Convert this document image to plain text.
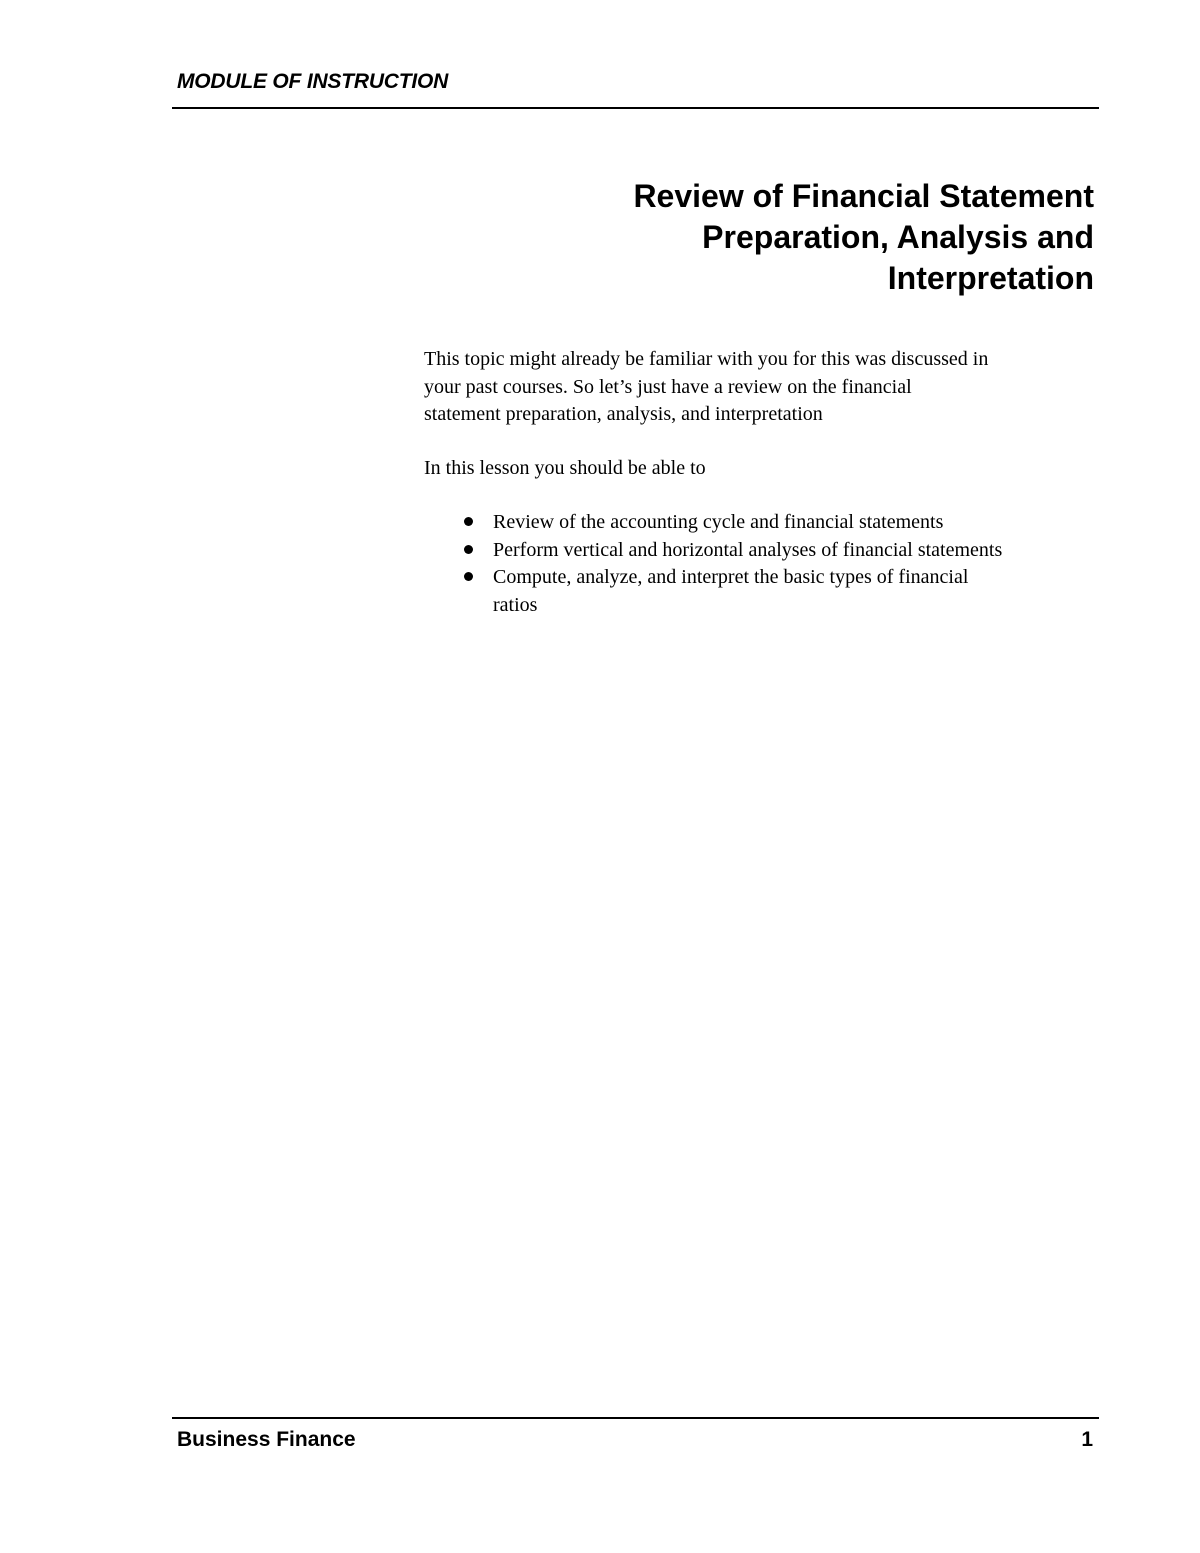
MODULE OF INSTRUCTION
Review of Financial Statement
Preparation, Analysis and
Interpretation

This topic might already be familiar with you for this was discussed in
your past courses. So let’s just have a review on the financial
statement preparation, analysis, and interpretation

In this lesson you should be able to

Review of the accounting cycle and financial statements
Perform vertical and horizontal analyses of financial statements
Compute, analyze, and interpret the basic types of financial
ratios
Business Finance	1
